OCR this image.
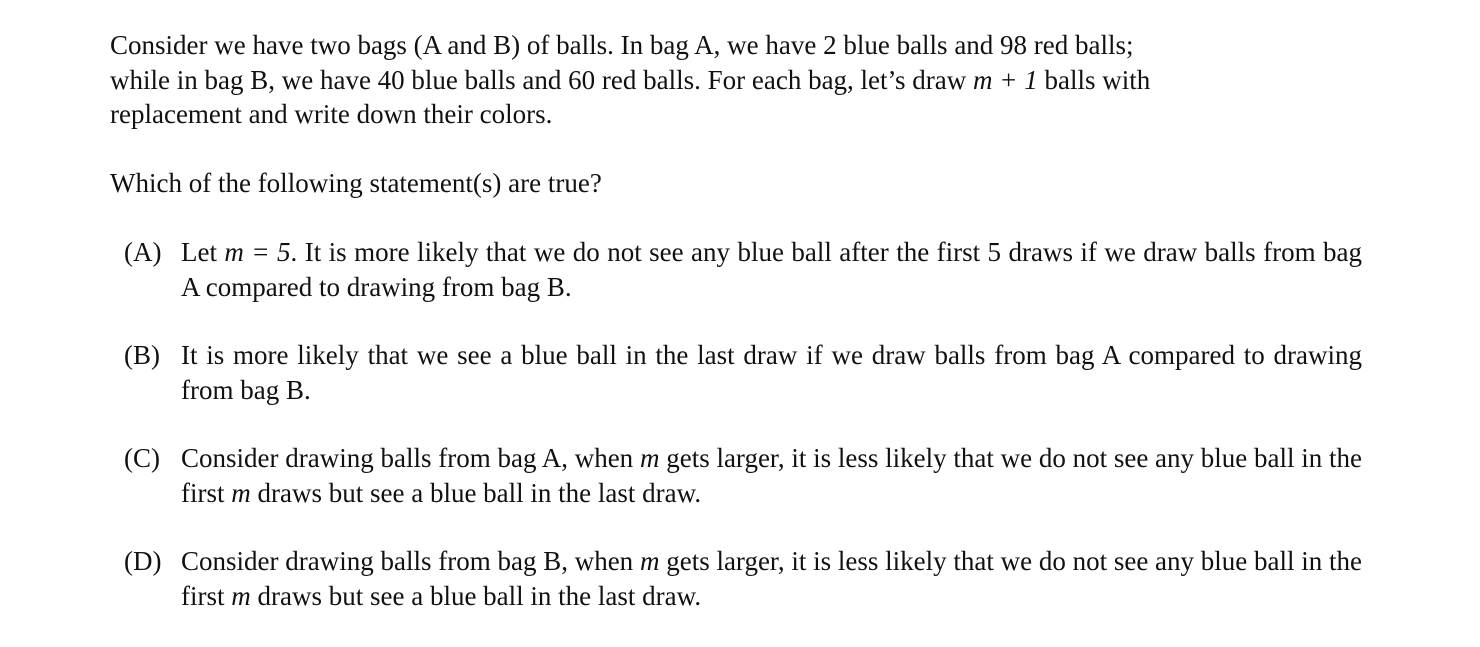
Consider we have two bags (A and B) of balls. In bag A, we have 2 blue balls and 98 red balls;
while in bag B, we have 40 blue balls and 60 red balls. For each bag, let’s draw m + 1 balls with
replacement and write down their colors.

Which of the following statement(s) are true?

(A) Let m = 5. It is more likely that we do not see any blue ball after the first 5 draws if we draw balls from bag A compared to drawing from bag B.
(B) It is more likely that we see a blue ball in the last draw if we draw balls from bag A compared to drawing from bag B.
(C) Consider drawing balls from bag A, when m gets larger, it is less likely that we do not see any blue ball in the first m draws but see a blue ball in the last draw.
(D) Consider drawing balls from bag B, when m gets larger, it is less likely that we do not see any blue ball in the first m draws but see a blue ball in the last draw.
